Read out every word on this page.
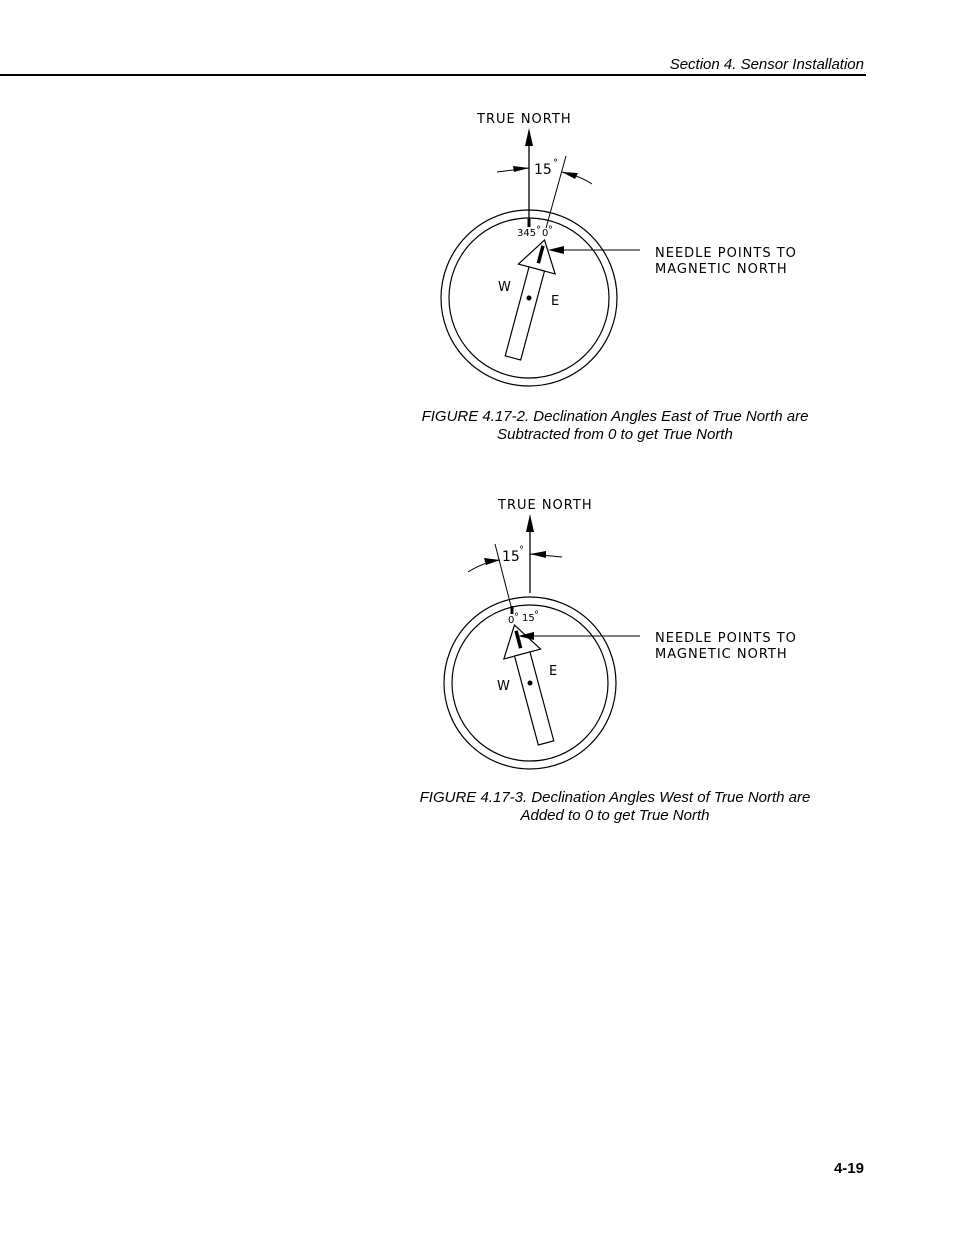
Section 4. Sensor Installation
TRUE NORTH
15 °
345 ° 0 °
W
E
NEEDLE POINTS TO
MAGNETIC NORTH
FIGURE 4.17-2. Declination Angles East of True North are
Subtracted from 0 to get True North
TRUE NORTH
15 °
0 ° 15 °
W
E
NEEDLE POINTS TO
MAGNETIC NORTH
FIGURE 4.17-3. Declination Angles West of True North are
Added to 0 to get True North
4-19
